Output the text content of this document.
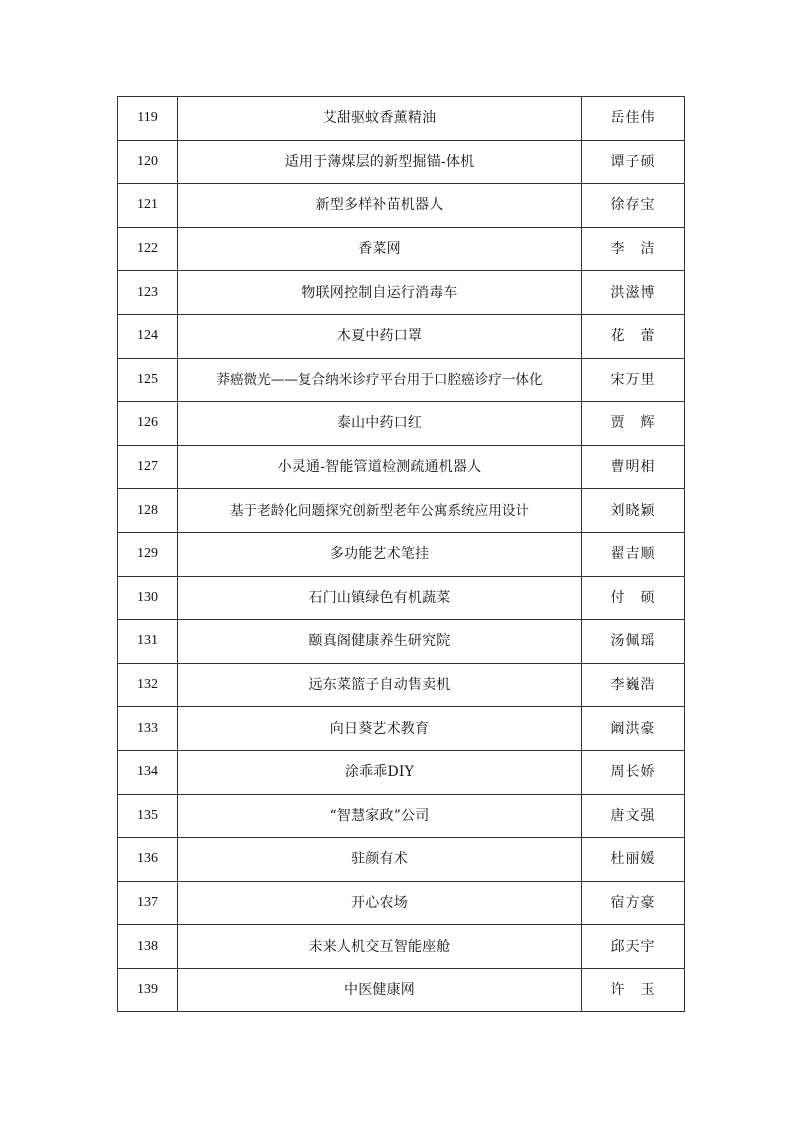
119	艾甜驱蚊香薰精油	岳佳伟
120	适用于薄煤层的新型掘锚-体机	谭子硕
121	新型多样补苗机器人	徐存宝
122	香菜网	李　洁
123	物联网控制自运行消毒车	洪滋博
124	木夏中药口罩	花　蕾
125	莽癌微光——复合纳米诊疗平台用于口腔癌诊疗一体化	宋万里
126	泰山中药口红	贾　辉
127	小灵通-智能管道检测疏通机器人	曹明相
128	基于老龄化问题探究创新型老年公寓系统应用设计	刘晓颖
129	多功能艺术笔挂	翟吉顺
130	石门山镇绿色有机蔬菜	付　硕
131	颐真阁健康养生研究院	汤佩瑶
132	远东菜篮子自动售卖机	李巍浩
133	向日葵艺术教育	阚洪豪
134	涂乖乖DIY	周长娇
135	“智慧家政”公司	唐文强
136	驻颜有术	杜丽媛
137	开心农场	宿方豪
138	未来人机交互智能座舱	邱天宇
139	中医健康网	许　玉
